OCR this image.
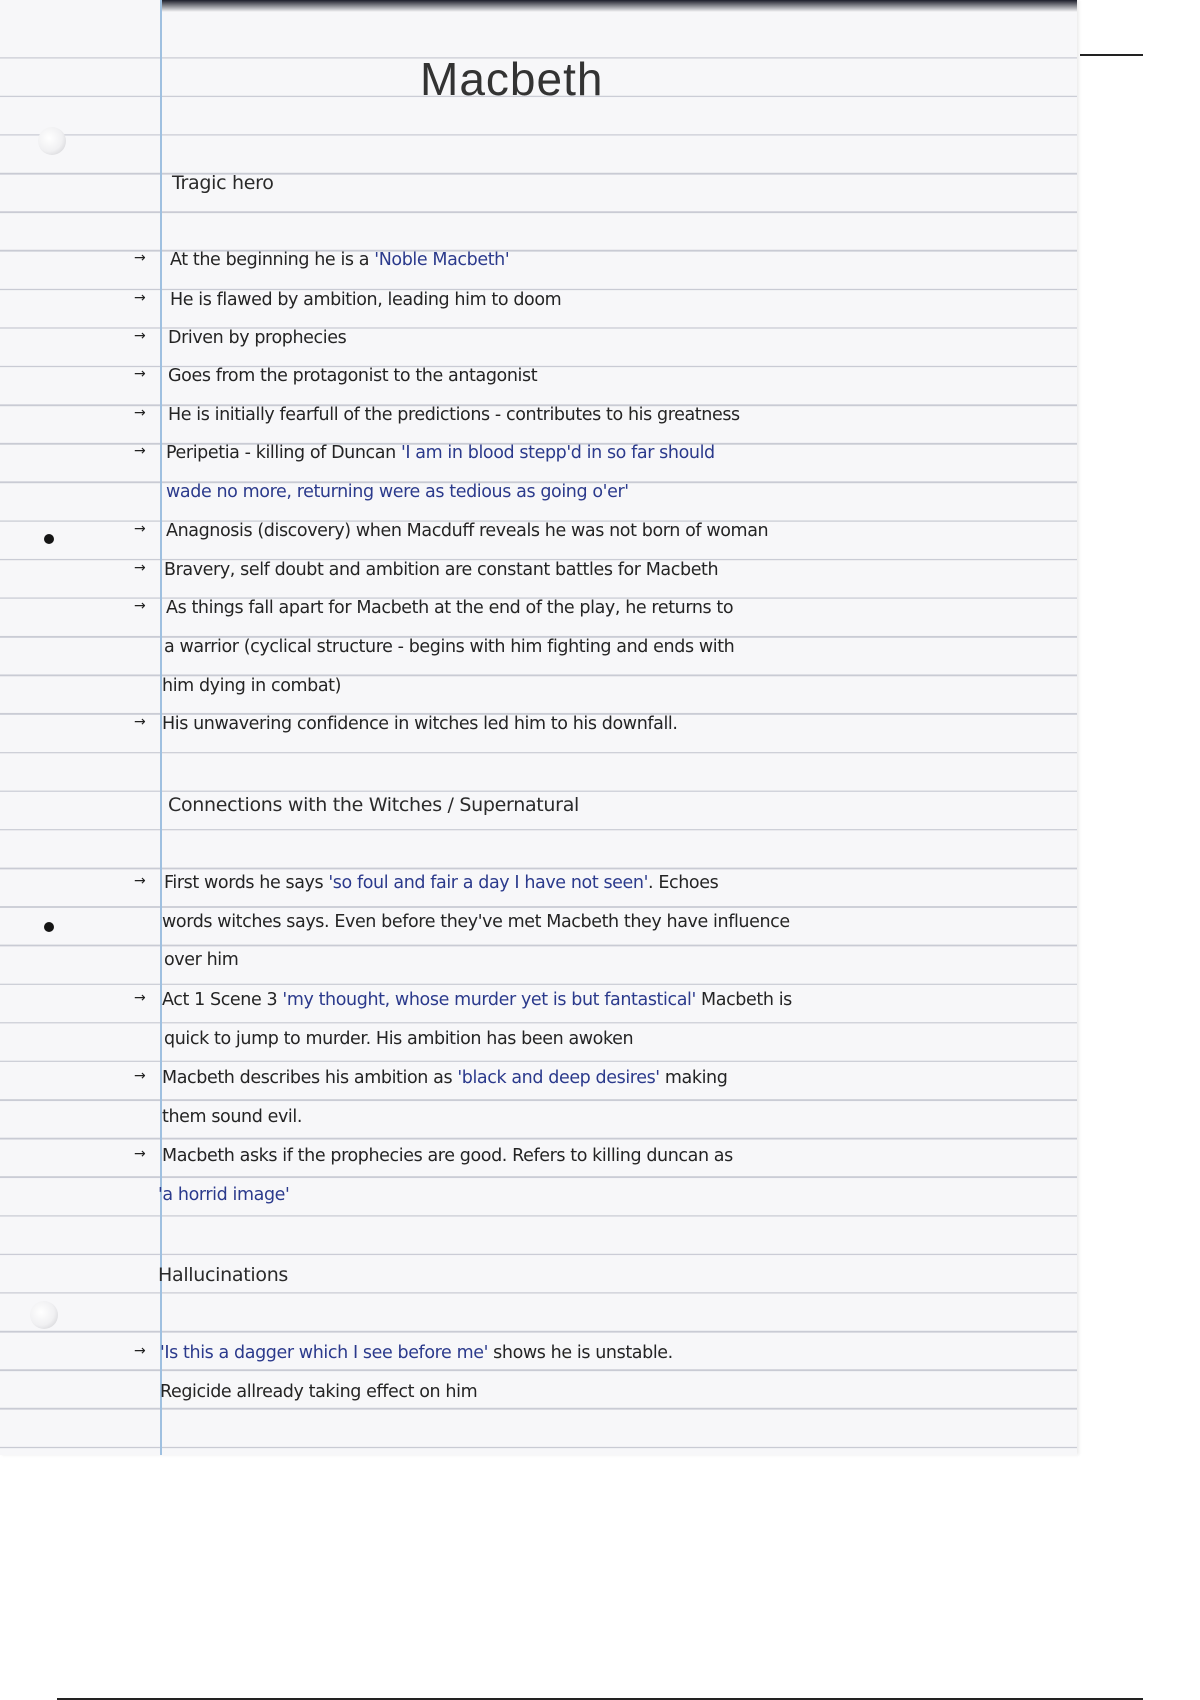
Macbeth
Tragic hero
→ At the beginning he is a 'Noble Macbeth'
→ He is flawed by ambition, leading him to doom
→ Driven by prophecies
→ Goes from the protagonist to the antagonist
→ He is initially fearfull of the predictions - contributes to his greatness
→ Peripetia - killing of Duncan 'I am in blood stepp'd in so far should
wade no more, returning were as tedious as going o'er'
→ Anagnosis (discovery) when Macduff reveals he was not born of woman
→ Bravery, self doubt and ambition are constant battles for Macbeth
→ As things fall apart for Macbeth at the end of the play, he returns to
a warrior (cyclical structure - begins with him fighting and ends with
him dying in combat)
→ His unwavering confidence in witches led him to his downfall.
Connections with the Witches / Supernatural
→ First words he says 'so foul and fair a day I have not seen'. Echoes
words witches says. Even before they've met Macbeth they have influence
over him
→ Act 1 Scene 3 'my thought, whose murder yet is but fantastical' Macbeth is
quick to jump to murder. His ambition has been awoken
→ Macbeth describes his ambition as 'black and deep desires' making
them sound evil.
→ Macbeth asks if the prophecies are good. Refers to killing duncan as
'a horrid image'
Hallucinations
→ 'Is this a dagger which I see before me' shows he is unstable.
Regicide allready taking effect on him
